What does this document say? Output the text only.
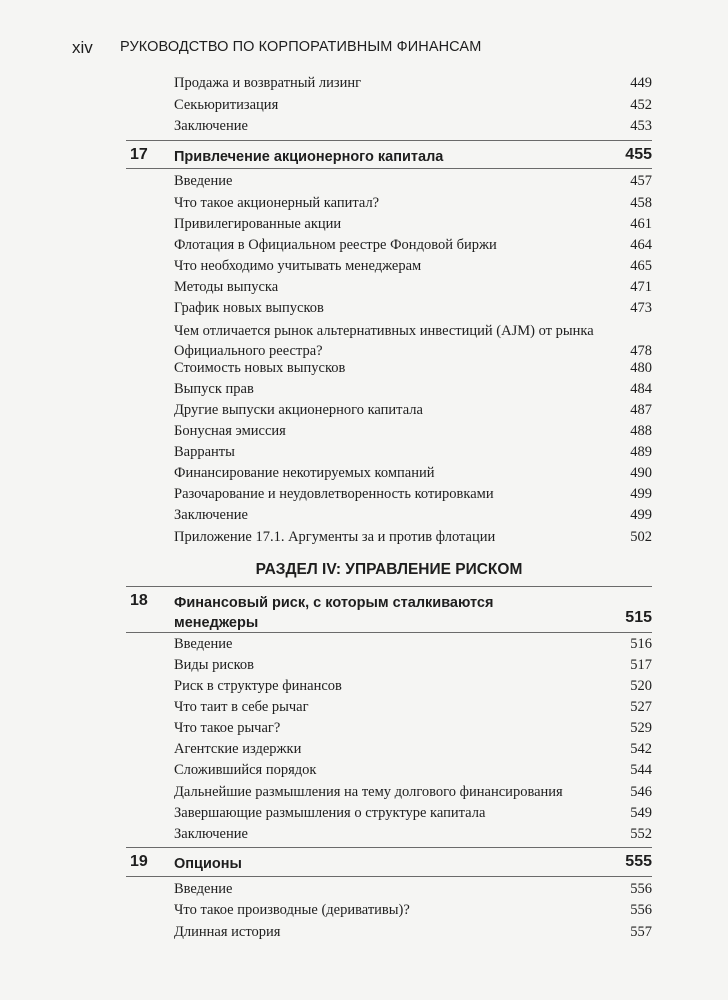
xiv РУКОВОДСТВО ПО КОРПОРАТИВНЫМ ФИНАНСАМ
Продажа и возвратный лизинг	449
Секьюритизация	452
Заключение	453
17 Привлечение акционерного капитала	455
Введение	457
Что такое акционерный капитал?	458
Привилегированные акции	461
Флотация в Официальном реестре Фондовой биржи	464
Что необходимо учитывать менеджерам	465
Методы выпуска	471
График новых выпусков	473
Чем отличается рынок альтернативных инвестиций (AJM) от рынка Официального реестра?	478
Стоимость новых выпусков	480
Выпуск прав	484
Другие выпуски акционерного капитала	487
Бонусная эмиссия	488
Варранты	489
Финансирование некотируемых компаний	490
Разочарование и неудовлетворенность котировками	499
Заключение	499
Приложение 17.1. Аргументы за и против флотации	502
РАЗДЕЛ IV: УПРАВЛЕНИЕ РИСКОМ
18 Финансовый риск, с которым сталкиваются менеджеры	515
Введение	516
Виды рисков	517
Риск в структуре финансов	520
Что таит в себе рычаг	527
Что такое рычаг?	529
Агентские издержки	542
Сложившийся порядок	544
Дальнейшие размышления на тему долгового финансирования	546
Завершающие размышления о структуре капитала	549
Заключение	552
19 Опционы	555
Введение	556
Что такое производные (деривативы)?	556
Длинная история	557
